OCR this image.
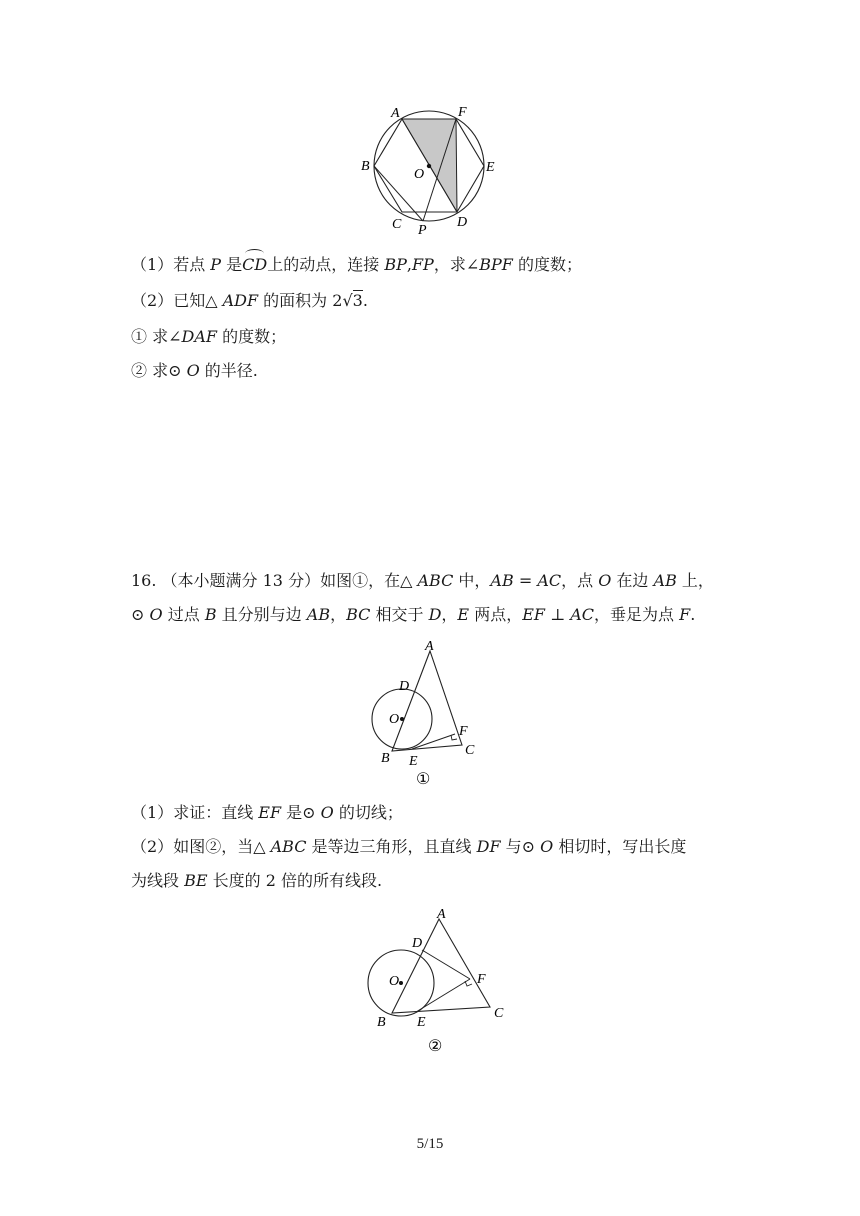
A	F
B
O	E
C P
D
（1）若点 P 是
CD上的动点，连接 BP,FP，求∠BPF 的度数；
（2）已知△ ADF 的面积为 2√3.
① 求∠DAF 的度数；
② 求⊙ O 的半径.
16. （本小题满分 13 分）如图①，在△ ABC 中，AB = AC，点 O 在边 AB 上，
⊙ O 过点 B 且分别与边 AB，BC 相交于 D，E 两点，EF ⊥ AC，垂足为点 F.
A
D
O
F
C
B E
①
（1）求证：直线 EF 是⊙ O 的切线；
（2）如图②，当△ ABC 是等边三角形，且直线 DF 与⊙ O 相切时，写出长度
为线段 BE 长度的 2 倍的所有线段.
A
D
O	F
C
B E
②
5/15
